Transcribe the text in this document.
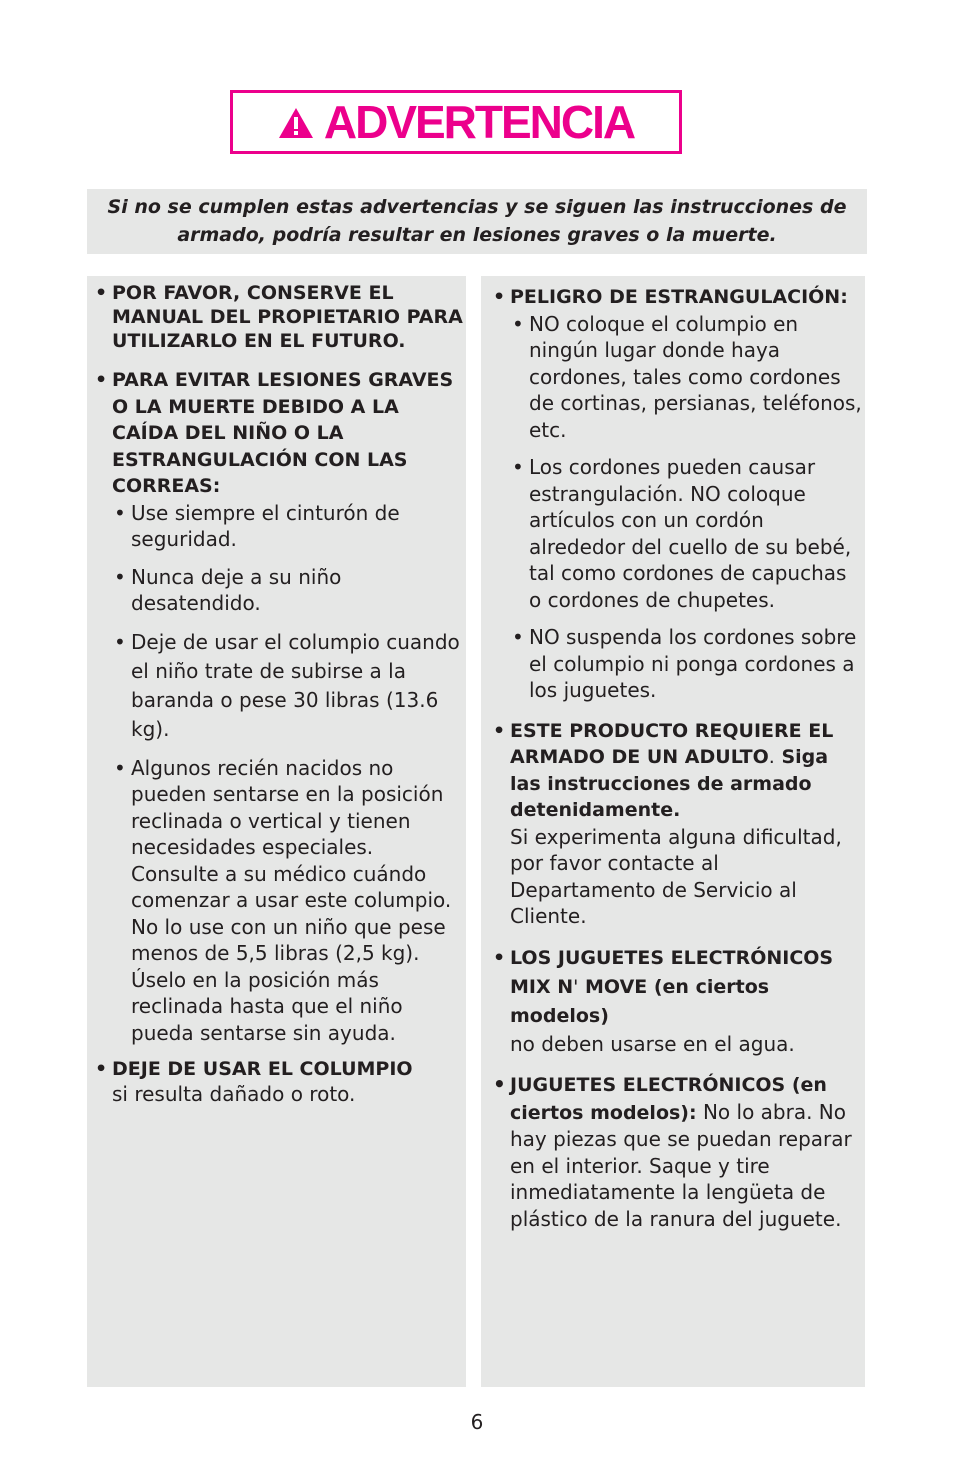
ADVERTENCIA
Si no se cumplen estas advertencias y se siguen las instrucciones de armado, podría resultar en lesiones graves o la muerte.
• POR FAVOR, CONSERVE EL MANUAL DEL PROPIETARIO PARA UTILIZARLO EN EL FUTURO.
• PARA EVITAR LESIONES GRAVES O LA MUERTE DEBIDO A LA CAÍDA DEL NIÑO O LA ESTRANGULACIÓN CON LAS CORREAS:
• Use siempre el cinturón de seguridad.
• Nunca deje a su niño desatendido.
• Deje de usar el columpio cuando el niño trate de subirse a la baranda o pese 30 libras (13.6 kg).
• Algunos recién nacidos no pueden sentarse en la posición reclinada o vertical y tienen necesidades especiales. Consulte a su médico cuándo comenzar a usar este columpio. No lo use con un niño que pese menos de 5,5 libras (2,5 kg). Úselo en la posición más reclinada hasta que el niño pueda sentarse sin ayuda.
• DEJE DE USAR EL COLUMPIO
si resulta dañado o roto.
• PELIGRO DE ESTRANGULACIÓN:
• NO coloque el columpio en ningún lugar donde haya cordones, tales como cordones de cortinas, persianas, teléfonos, etc.
• Los cordones pueden causar estrangulación. NO coloque artículos con un cordón alrededor del cuello de su bebé, tal como cordones de capuchas o cordones de chupetes.
• NO suspenda los cordones sobre el columpio ni ponga cordones a los juguetes.
• ESTE PRODUCTO REQUIERE EL ARMADO DE UN ADULTO. Siga las instrucciones de armado detenidamente.
Si experimenta alguna dificultad, por favor contacte al Departamento de Servicio al Cliente.
• LOS JUGUETES ELECTRÓNICOS MIX N' MOVE (en ciertos modelos)
no deben usarse en el agua.
• JUGUETES ELECTRÓNICOS (en ciertos modelos): No lo abra. No hay piezas que se puedan reparar en el interior. Saque y tire inmediatamente la lengüeta de plástico de la ranura del juguete.
6
